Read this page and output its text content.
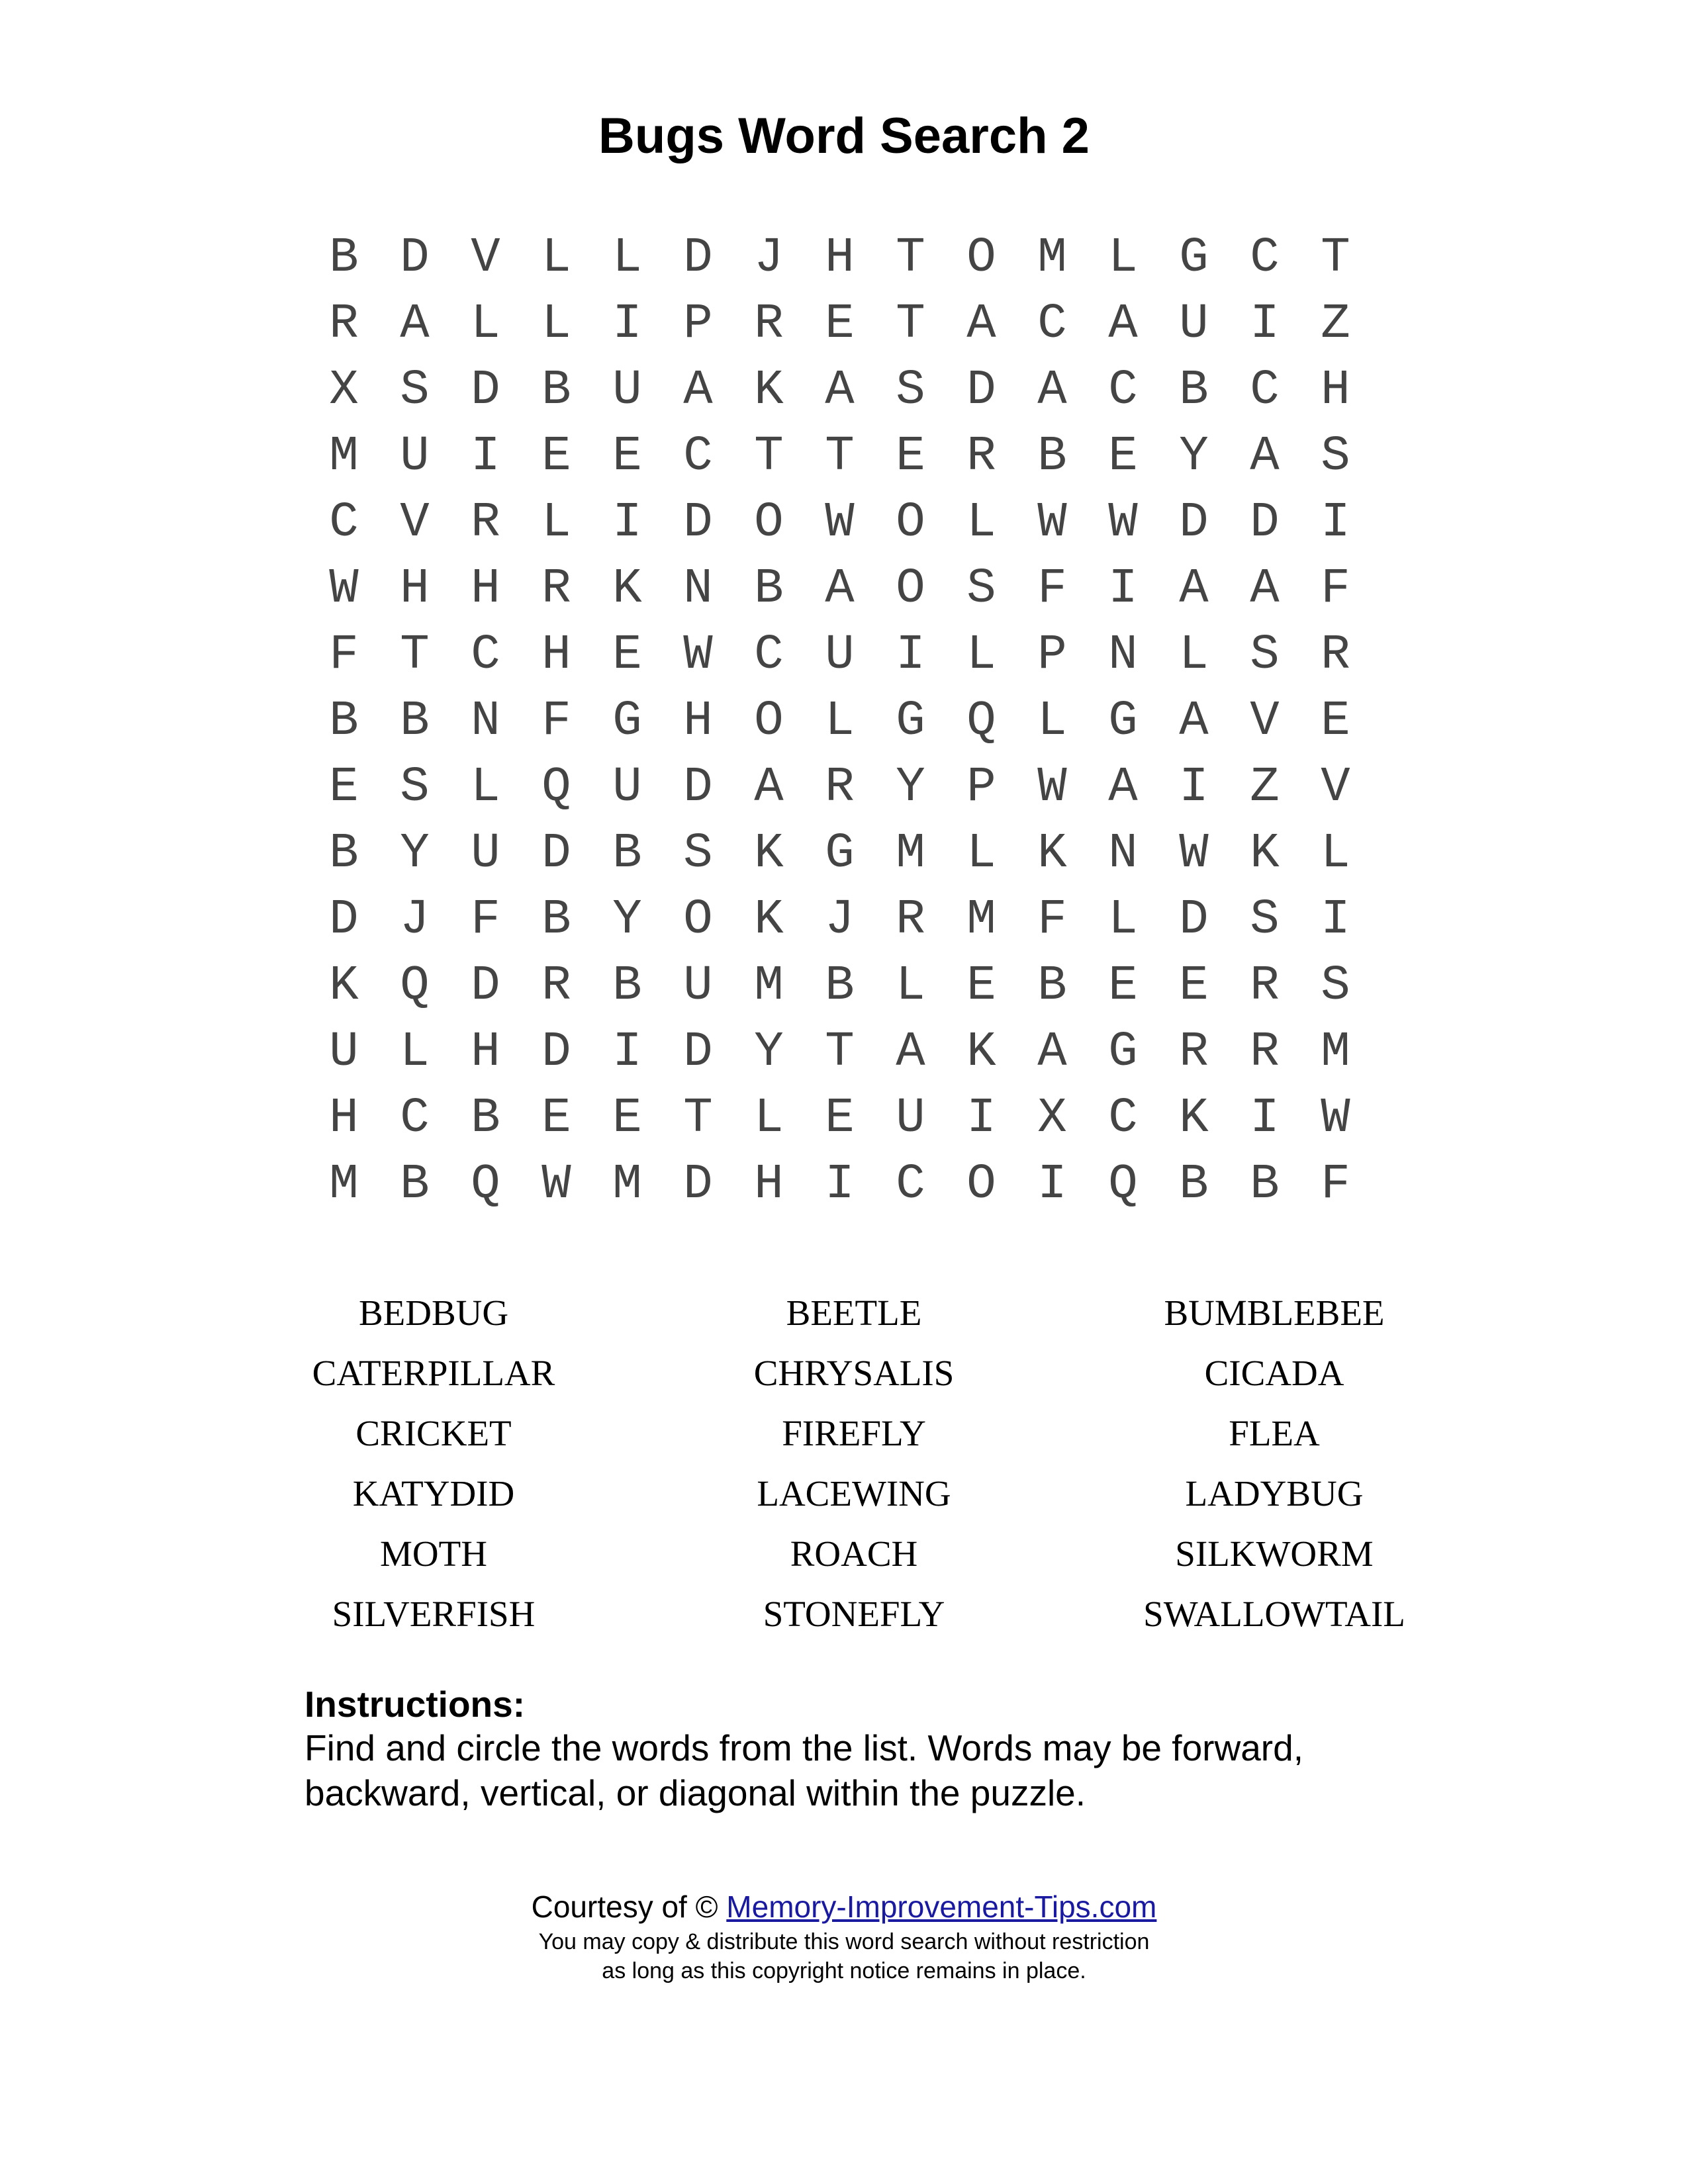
Bugs Word Search 2
B D V L L D J H T O M L G C T
R A L L I P R E T A C A U I Z
X S D B U A K A S D A C B C H
M U I E E C T T E R B E Y A S
C V R L I D O W O L W W D D I
W H H R K N B A O S F I A A F
F T C H E W C U I L P N L S R
B B N F G H O L G Q L G A V E
E S L Q U D A R Y P W A I Z V
B Y U D B S K G M L K N W K L
D J F B Y O K J R M F L D S I
K Q D R B U M B L E B E E R S
U L H D I D Y T A K A G R R M
H C B E E T L E U I X C K I W
M B Q W M D H I C O I Q B B F
BEDBUG	BEETLE	BUMBLEBEE
CATERPILLAR	CHRYSALIS	CICADA
CRICKET	FIREFLY	FLEA
KATYDID	LACEWING	LADYBUG
MOTH	ROACH	SILKWORM
SILVERFISH	STONEFLY	SWALLOWTAIL
Instructions:
Find and circle the words from the list. Words may be forward,
backward, vertical, or diagonal within the puzzle.
Courtesy of © Memory-Improvement-Tips.com
You may copy & distribute this word search without restriction
as long as this copyright notice remains in place.
